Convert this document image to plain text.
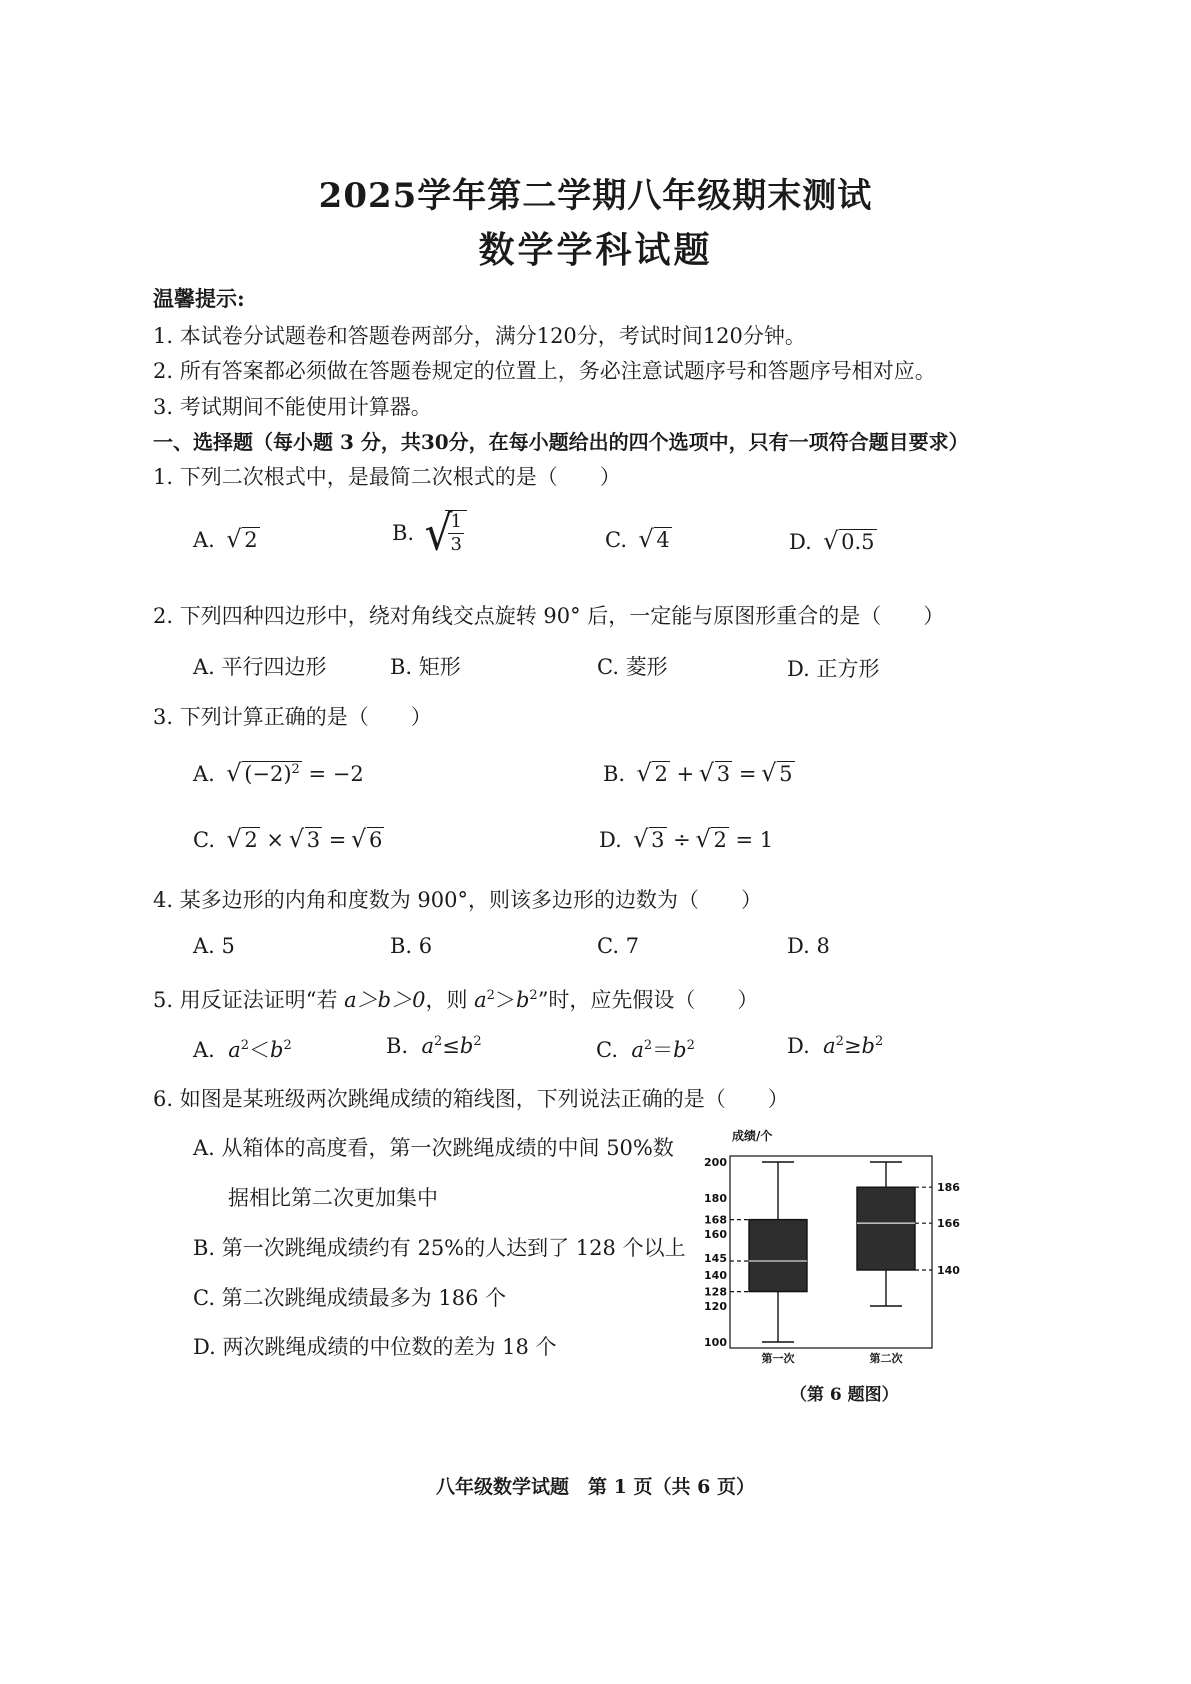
2025学年第二学期八年级期末测试
数学学科试题
温馨提示:
1. 本试卷分试题卷和答题卷两部分，满分120分，考试时间120分钟。
2. 所有答案都必须做在答题卷规定的位置上，务必注意试题序号和答题序号相对应。
3. 考试期间不能使用计算器。
一、选择题（每小题 3 分，共30分，在每小题给出的四个选项中，只有一项符合题目要求）
1. 下列二次根式中，是最简二次根式的是（　　）
A. √ 2	B. √ $\frac{1}{3}$	C. √ 4	D. √ 0.5
2. 下列四种四边形中，绕对角线交点旋转 90° 后，一定能与原图形重合的是（　　）
A. 平行四边形	B. 矩形	C. 菱形	D. 正方形
3. 下列计算正确的是（　　）
A. √ $(-2)^2 = -2$	B. √ 2 + √ 3 = √ 5
C. √ 2 × √ 3 = √ 6	D. √ 3 ÷ √ 2 = 1
4. 某多边形的内角和度数为 900°，则该多边形的边数为（　　）
A. 5	B. 6	C. 7	D. 8
5. 用反证法证明“若 a＞b＞0，则 $a^2>b^2$”时，应先假设（　　）
A. $a^2<b^2$	B. $a^2\le b^2$	C. $a^2=b^2$	D. $a^2\ge b^2$
6. 如图是某班级两次跳绳成绩的箱线图，下列说法正确的是（　　）
A. 从箱体的高度看，第一次跳绳成绩的中间 50%数
据相比第二次更加集中
B. 第一次跳绳成绩约有 25%的人达到了 128 个以上
C. 第二次跳绳成绩最多为 186 个
D. 两次跳绳成绩的中位数的差为 18 个
成绩/个
200
180
168
160
145
140
128
120
100
186
166
140
第一次	第二次
（第 6 题图）
八年级数学试题　第 1 页（共 6 页）
